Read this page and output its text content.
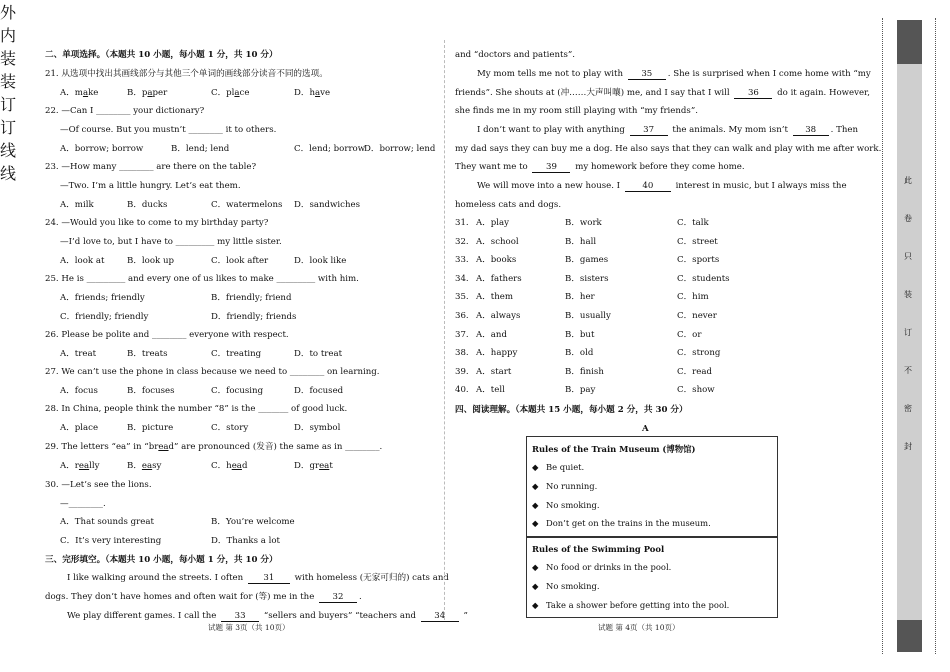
二、单项选择。（本题共 10 小题，每小题 1 分，共 10 分）
21. 从选项中找出其画线部分与其他三个单词的画线部分读音不同的选项。
A．make	B．paper	C．place	D．have
22. —Can I ________ your dictionary?
—Of course. But you mustn’t ________ it to others.
A．borrow; borrow	B．lend; lend	C．lend; borrow
D．borrow; lend
23. —How many ________ are there on the table?
—Two. I’m a little hungry. Let’s eat them.
A．milk	B．ducks	C．watermelons D．sandwiches
24. —Would you like to come to my birthday party?
—I’d love to, but I have to _________ my little sister.
A．look at	B．look up	C．look after	D．look like
25. He is _________ and every one of us likes to make _________ with him.
A．friends; friendly	B．friendly; friend
C．friendly; friendly	D．friendly; friends
26. Please be polite and ________ everyone with respect.
A．treat	B．treats	C．treating	D．to treat
27. We can’t use the phone in class because we need to ________ on learning.
A．focus	B．focuses	C．focusing	D．focused
28. In China, people think the number “8” is the _______ of good luck.
A．place	B．picture	C．story	D．symbol
29. The letters “ea” in “bread” are pronounced (发音) the same as in ________.
A．really	B．easy	C．head	D．great
30. —Let’s see the lions.
—________.
A．That sounds great	B．You’re welcome
C．It’s very interesting	D．Thanks a lot
三、完形填空。（本题共 10 小题，每小题 1 分，共 10 分）
I like walking around the streets. I often 31 with homeless (无家可归的) cats and
dogs. They don’t have homes and often wait for (等) me in the 32 .
We play different games. I call the 33 “sellers and buyers” “teachers and 34 ”
试题 第 3页（共 10页）
and “doctors and patients”.
My mom tells me not to play with 35 . She is surprised when I come home with “my
friends”. She shouts at (冲……大声叫嚷) me, and I say that I will 36 do it again. However,
she finds me in my room still playing with “my friends”.
I don’t want to play with anything 37 the animals. My mom isn’t 38 . Then
my dad says they can buy me a dog. He also says that they can walk and play with me after work.
They want me to 39 my homework before they come home.
We will move into a new house. I	40	interest in music, but I always miss the
homeless cats and dogs.
31. A．play	B．work	C．talk
32. A．school	B．hall	C．street
33. A．books	B．games	C．sports
34. A．fathers	B．sisters	C．students
35. A．them	B．her	C．him
36. A．always	B．usually	C．never
37. A．and	B．but	C．or
38. A．happy	B．old	C．strong
39. A．start	B．finish	C．read
40. A．tell	B．pay	C．show
四、阅读理解。（本题共 15 小题，每小题 2 分，共 30 分）
A
Rules of the Train Museum (博物馆)
◆ Be quiet.
◆ No running.
◆ No smoking.
◆ Don’t get on the trains in the museum.
Rules of the Swimming Pool
◆ No food or drinks in the pool.
◆ No smoking.
◆ Take a shower before getting into the pool.
试题 第 4页（共 10页）
外
内
装
装
订
订
线
线	此
卷
只
装
订
不
密
封
